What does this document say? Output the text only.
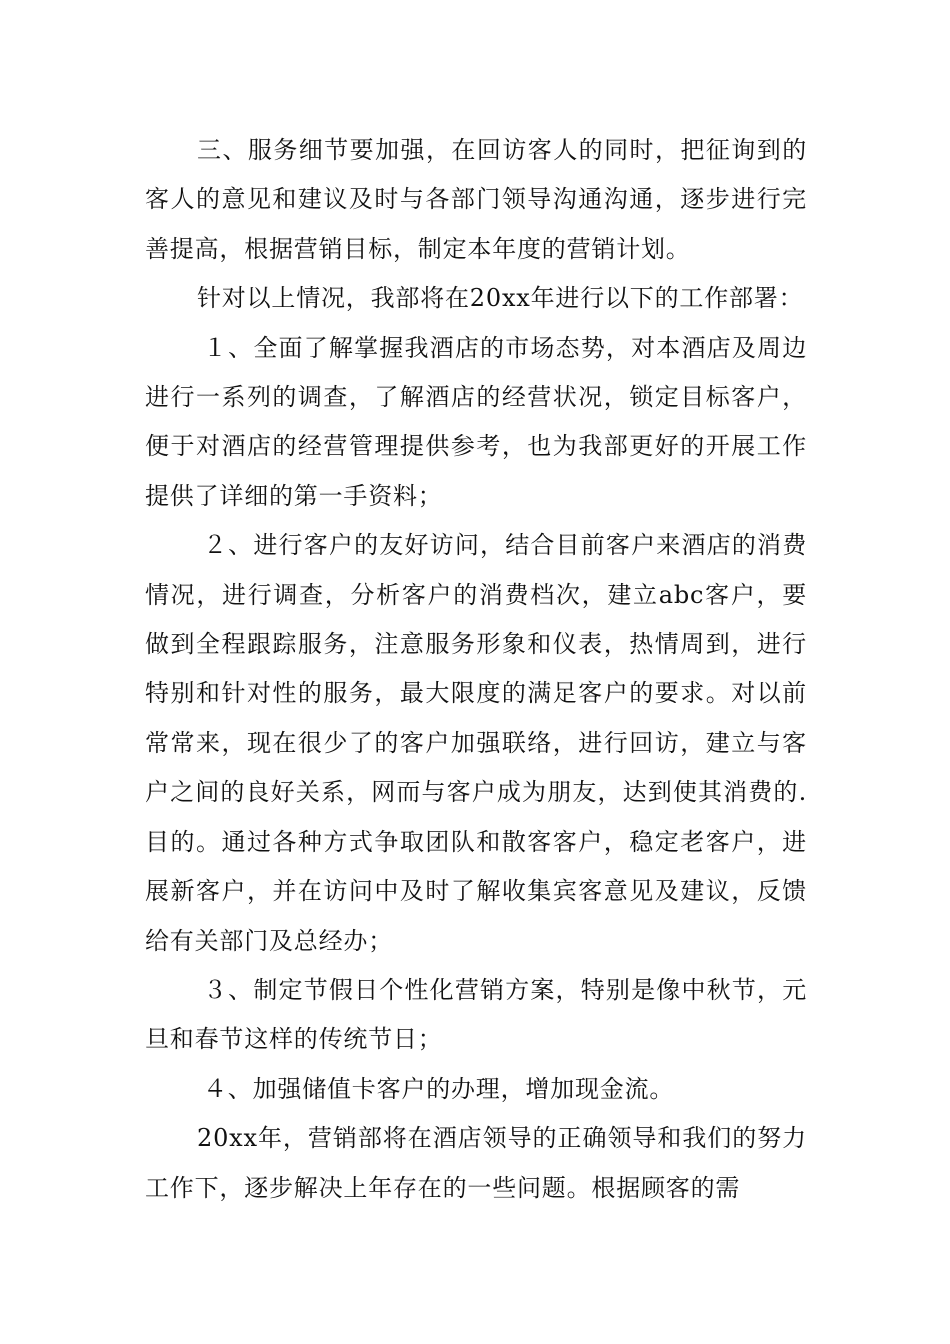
三、服务细节要加强，在回访客人的同时，把征询到的客人的意见和建议及时与各部门领导沟通沟通，逐步进行完善提高，根据营销目标，制定本年度的营销计划。

针对以上情况，我部将在20xx年进行以下的工作部署：

１、全面了解掌握我酒店的市场态势，对本酒店及周边进行一系列的调查，了解酒店的经营状况，锁定目标客户，便于对酒店的经营管理提供参考，也为我部更好的开展工作提供了详细的第一手资料；

２、进行客户的友好访问，结合目前客户来酒店的消费情况，进行调查，分析客户的消费档次，建立abc客户，要做到全程跟踪服务，注意服务形象和仪表，热情周到，进行特别和针对性的服务，最大限度的满足客户的要求。对以前常常来，现在很少了的客户加强联络，进行回访，建立与客户之间的良好关系，网而与客户成为朋友，达到使其消费的.目的。通过各种方式争取团队和散客客户，稳定老客户，进展新客户，并在访问中及时了解收集宾客意见及建议，反馈给有关部门及总经办；

３、制定节假日个性化营销方案，特别是像中秋节，元旦和春节这样的传统节日；

４、加强储值卡客户的办理，增加现金流。

20xx年，营销部将在酒店领导的正确领导和我们的努力工作下，逐步解决上年存在的一些问题。根据顾客的需
